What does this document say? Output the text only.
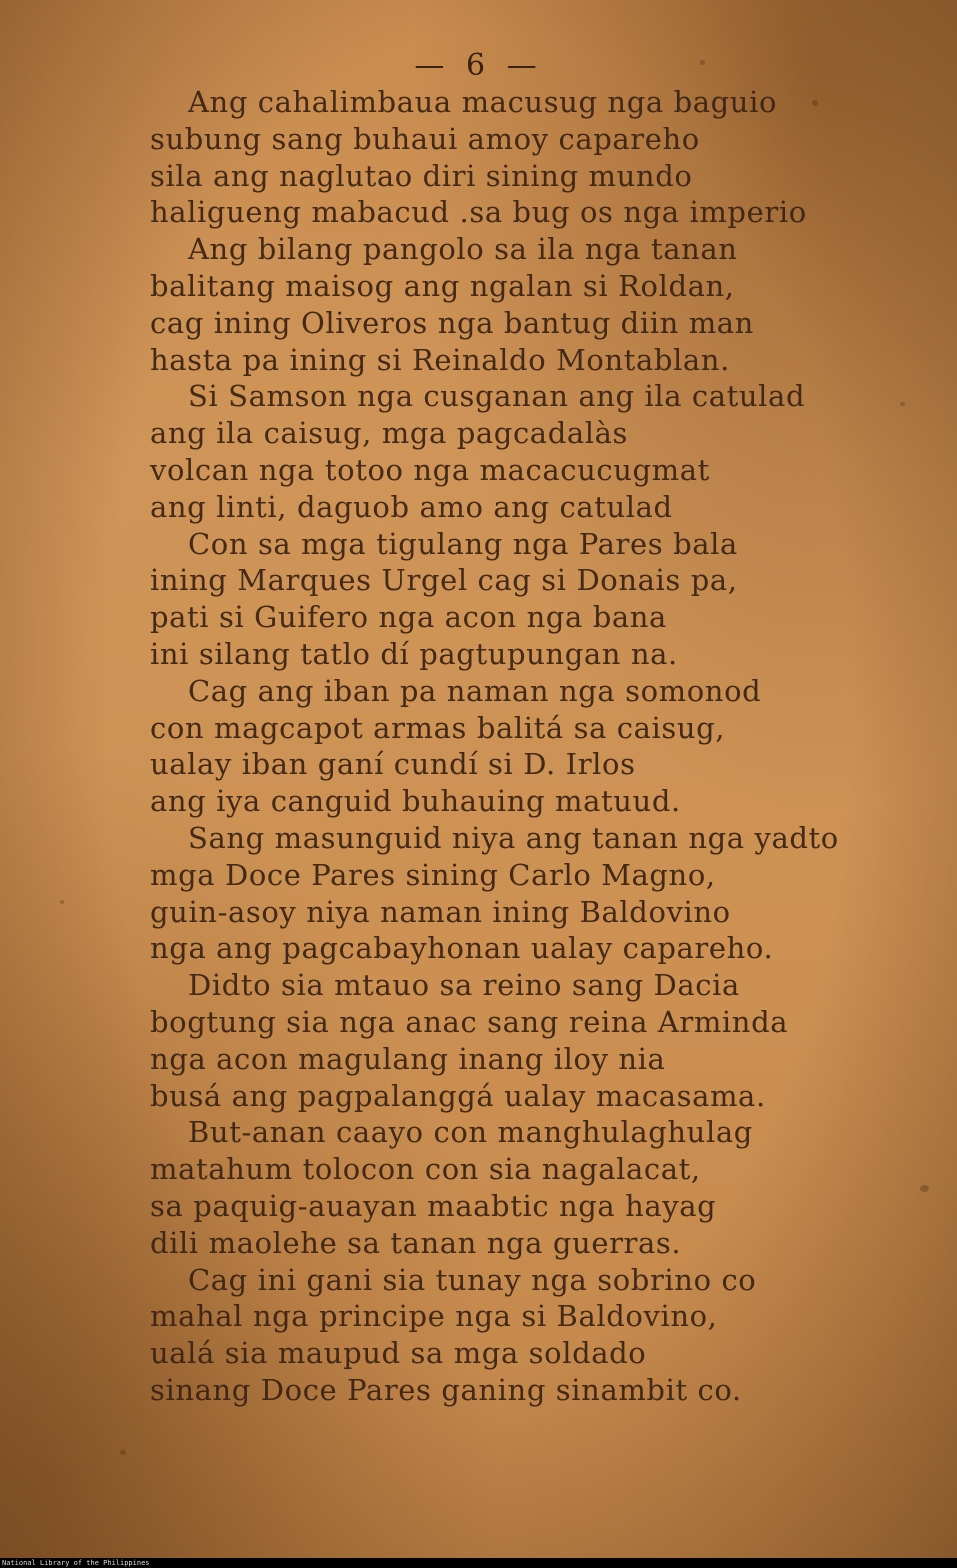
— 6 —
Ang cahalimbaua macusug nga baguio
subung sang buhaui amoy capareho
sila ang naglutao diri sining mundo
haligueng mabacud .sa bug os nga imperio
Ang bilang pangolo sa ila nga tanan
balitang maisog ang ngalan si Roldan,
cag ining Oliveros nga bantug diin man
hasta pa ining si Reinaldo Montablan.
Si Samson nga cusganan ang ila catulad
ang ila caisug, mga pagcadalàs
volcan nga totoo nga macacucugmat
ang linti, daguob amo ang catulad
Con sa mga tigulang nga Pares bala
ining Marques Urgel cag si Donais pa,
pati si Guifero nga acon nga bana
ini silang tatlo dí pagtupungan na.
Cag ang iban pa naman nga somonod
con magcapot armas balitá sa caisug,
ualay iban ganí cundí si D. Irlos
ang iya canguid buhauing matuud.
Sang masunguid niya ang tanan nga yadto
mga Doce Pares sining Carlo Magno,
guin-asoy niya naman ining Baldovino
nga ang pagcabayhonan ualay capareho.
Didto sia mtauo sa reino sang Dacia
bogtung sia nga anac sang reina Arminda
nga acon magulang inang iloy nia
busá ang pagpalanggá ualay macasama.
But-anan caayo con manghulaghulag
matahum tolocon con sia nagalacat,
sa paquig-auayan maabtic nga hayag
dili maolehe sa tanan nga guerras.
Cag ini gani sia tunay nga sobrino co
mahal nga principe nga si Baldovino,
ualá sia maupud sa mga soldado
sinang Doce Pares ganing sinambit co.
National Library of the Philippines
